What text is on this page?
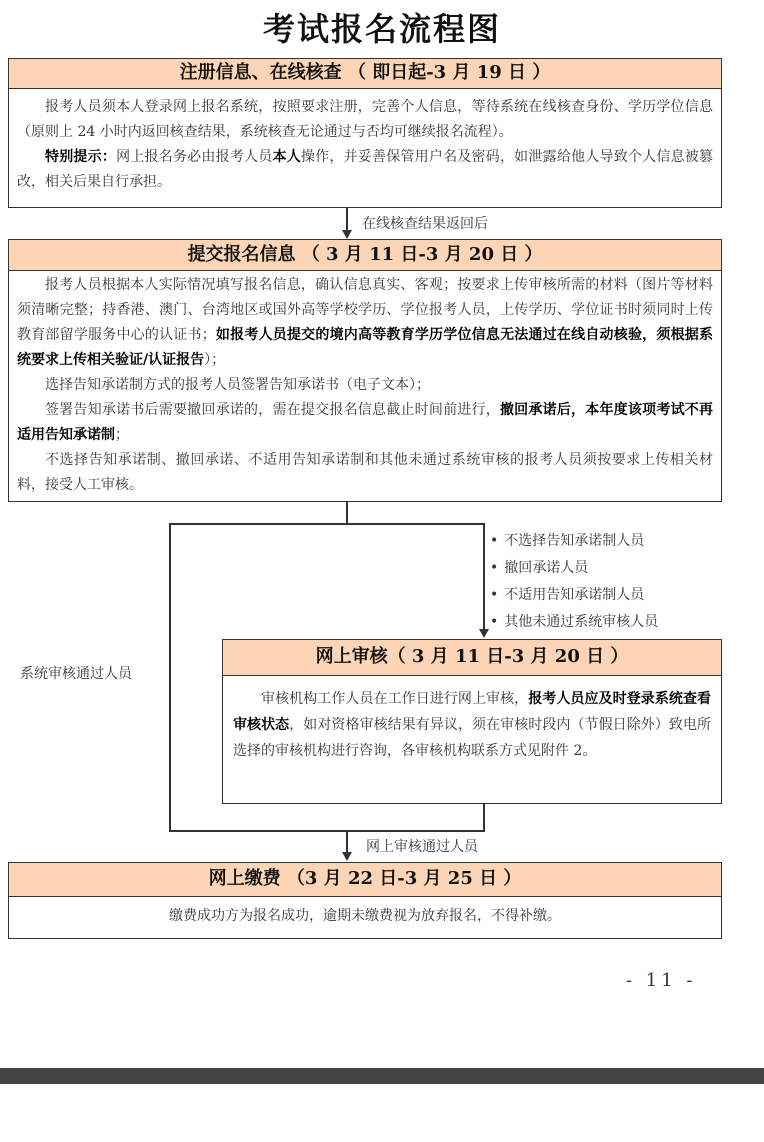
考试报名流程图
注册信息、在线核查 （ 即日起-3 月 19 日 ）

报考人员须本人登录网上报名系统，按照要求注册，完善个人信息，等待系统在线核查身份、学历学位信息（原则上 24 小时内返回核查结果，系统核查无论通过与否均可继续报名流程）。

特别提示：网上报名务必由报考人员本人操作，并妥善保管用户名及密码，如泄露给他人导致个人信息被篡改，相关后果自行承担。

在线核查结果返回后
提交报名信息 （ 3 月 11 日-3 月 20 日 ）

报考人员根据本人实际情况填写报名信息，确认信息真实、客观；按要求上传审核所需的材料（图片等材料须清晰完整；持香港、澳门、台湾地区或国外高等学校学历、学位报考人员，上传学历、学位证书时须同时上传教育部留学服务中心的认证书；如报考人员提交的境内高等教育学历学位信息无法通过在线自动核验，须根据系统要求上传相关验证/认证报告）；

选择告知承诺制方式的报考人员签署告知承诺书（电子文本）；

签署告知承诺书后需要撤回承诺的，需在提交报名信息截止时间前进行，撤回承诺后，本年度该项考试不再适用告知承诺制；

不选择告知承诺制、撤回承诺、不适用告知承诺制和其他未通过系统审核的报考人员须按要求上传相关材料，接受人工审核。

• 不选择告知承诺制人员
• 撤回承诺人员
• 不适用告知承诺制人员
• 其他未通过系统审核人员
系统审核通过人员
网上审核（ 3 月 11 日-3 月 20 日 ）

审核机构工作人员在工作日进行网上审核，报考人员应及时登录系统查看审核状态，如对资格审核结果有异议，须在审核时段内（节假日除外）致电所选择的审核机构进行咨询，各审核机构联系方式见附件 2。

网上审核通过人员
网上缴费 （3 月 22 日-3 月 25 日 ）
缴费成功方为报名成功，逾期未缴费视为放弃报名，不得补缴。
- 11 -
